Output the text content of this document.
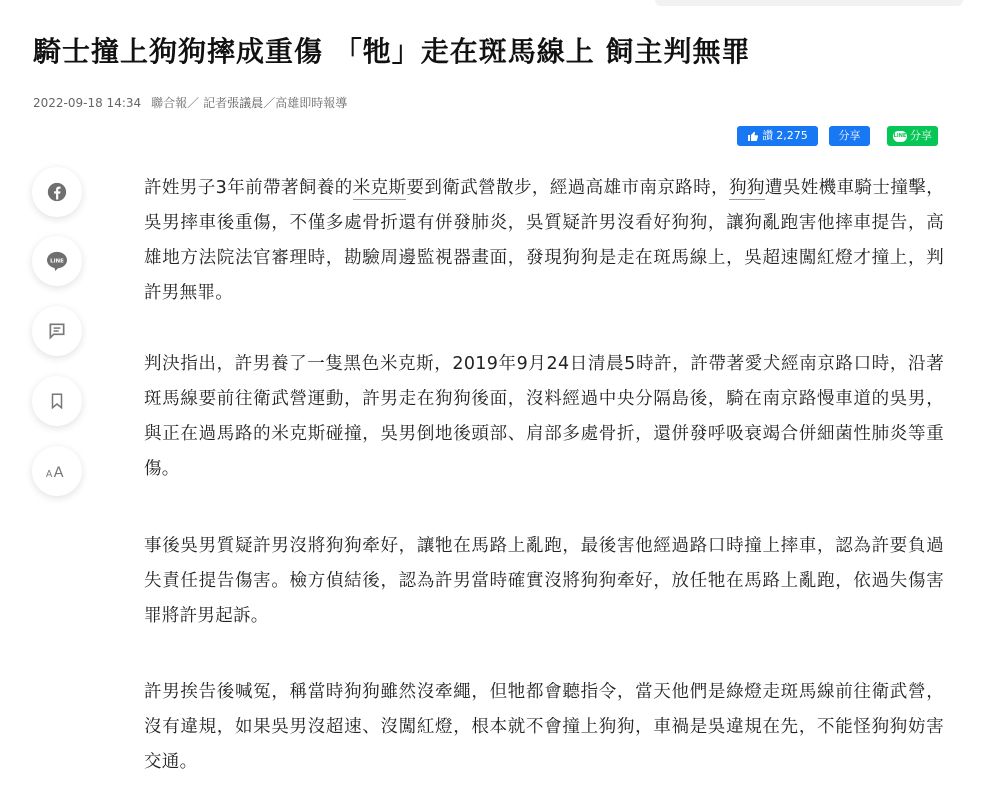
騎士撞上狗狗摔成重傷 「牠」走在斑馬線上 飼主判無罪
2022-09-18 14:34 聯合報／ 記者張議晨／高雄即時報導
讚 2,275	分享	LINE 分享
LINE
A A

許姓男子3年前帶著飼養的米克斯要到衛武營散步，經過高雄市南京路時，狗狗遭吳姓機車騎士撞擊，吳男摔車後重傷，不僅多處骨折還有併發肺炎，吳質疑許男沒看好狗狗，讓狗亂跑害他摔車提告，高雄地方法院法官審理時，勘驗周邊監視器畫面，發現狗狗是走在斑馬線上，吳超速闖紅燈才撞上，判許男無罪。

判決指出，許男養了一隻黑色米克斯，2019年9月24日清晨5時許，許帶著愛犬經南京路口時，沿著斑馬線要前往衛武營運動，許男走在狗狗後面，沒料經過中央分隔島後，騎在南京路慢車道的吳男，與正在過馬路的米克斯碰撞，吳男倒地後頭部、肩部多處骨折，還併發呼吸衰竭合併細菌性肺炎等重傷。

事後吳男質疑許男沒將狗狗牽好，讓牠在馬路上亂跑，最後害他經過路口時撞上摔車，認為許要負過失責任提告傷害。檢方偵結後，認為許男當時確實沒將狗狗牽好，放任牠在馬路上亂跑，依過失傷害罪將許男起訴。

許男挨告後喊冤，稱當時狗狗雖然沒牽繩，但牠都會聽指令，當天他們是綠燈走斑馬線前往衛武營，沒有違規，如果吳男沒超速、沒闖紅燈，根本就不會撞上狗狗，車禍是吳違規在先，不能怪狗狗妨害交通。
